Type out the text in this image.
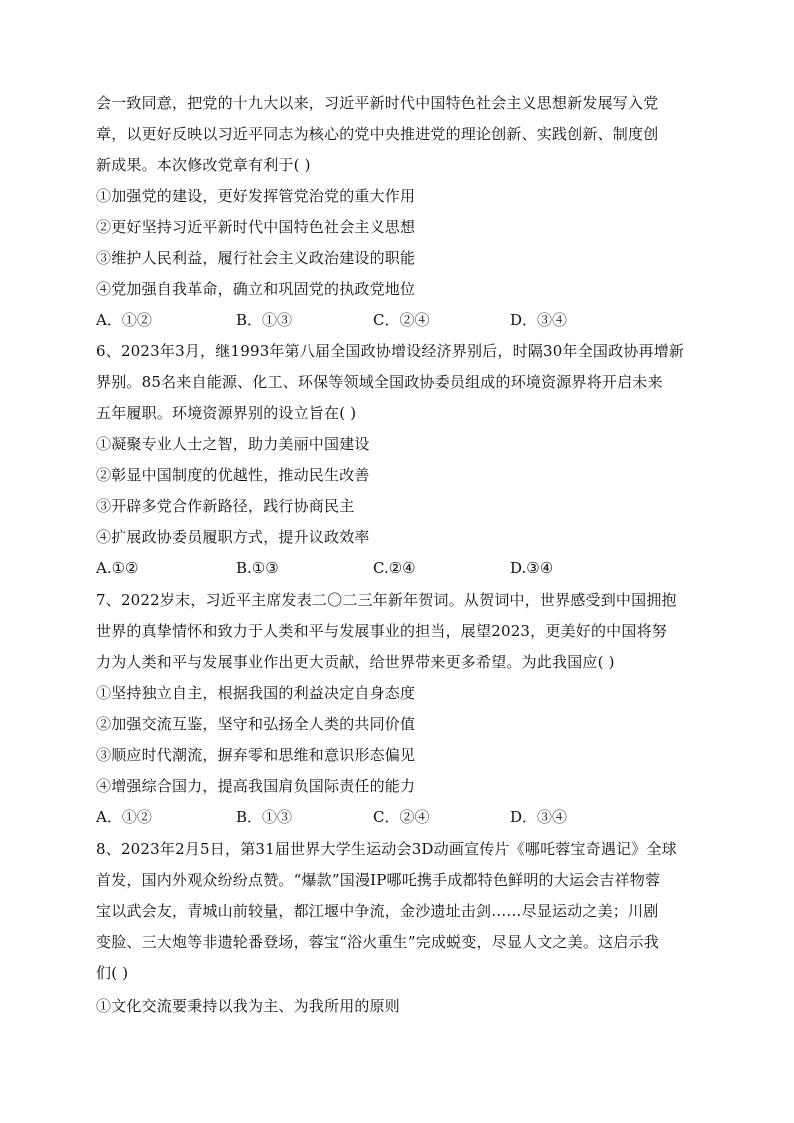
会一致同意，把党的十九大以来，习近平新时代中国特色社会主义思想新发展写入党
章，以更好反映以习近平同志为核心的党中央推进党的理论创新、实践创新、制度创
新成果。本次修改党章有利于( )
①加强党的建设，更好发挥管党治党的重大作用
②更好坚持习近平新时代中国特色社会主义思想
③维护人民利益，履行社会主义政治建设的职能
④党加强自我革命，确立和巩固党的执政党地位
A．①②	B．①③	C．②④	D．③④
6、2023年3月，继1993年第八届全国政协增设经济界别后，时隔30年全国政协再增新
界别。85名来自能源、化工、环保等领域全国政协委员组成的环境资源界将开启未来
五年履职。环境资源界别的设立旨在( )
①凝聚专业人士之智，助力美丽中国建设
②彰显中国制度的优越性，推动民生改善
③开辟多党合作新路径，践行协商民主
④扩展政协委员履职方式，提升议政效率
A.①②	B.①③	C.②④	D.③④
7、2022岁末，习近平主席发表二〇二三年新年贺词。从贺词中，世界感受到中国拥抱
世界的真挚情怀和致力于人类和平与发展事业的担当，展望2023，更美好的中国将努
力为人类和平与发展事业作出更大贡献，给世界带来更多希望。为此我国应( )
①坚持独立自主，根据我国的利益决定自身态度
②加强交流互鉴，坚守和弘扬全人类的共同价值
③顺应时代潮流，摒弃零和思维和意识形态偏见
④增强综合国力，提高我国肩负国际责任的能力
A．①②	B．①③	C．②④	D．③④
8、2023年2月5日，第31届世界大学生运动会3D动画宣传片《哪吒蓉宝奇遇记》全球
首发，国内外观众纷纷点赞。“爆款”国漫IP哪吒携手成都特色鲜明的大运会吉祥物蓉
宝以武会友，青城山前较量，都江堰中争流，金沙遗址击剑……尽显运动之美；川剧
变脸、三大炮等非遗轮番登场，蓉宝“浴火重生”完成蜕变，尽显人文之美。这启示我
们( )
①文化交流要秉持以我为主、为我所用的原则
